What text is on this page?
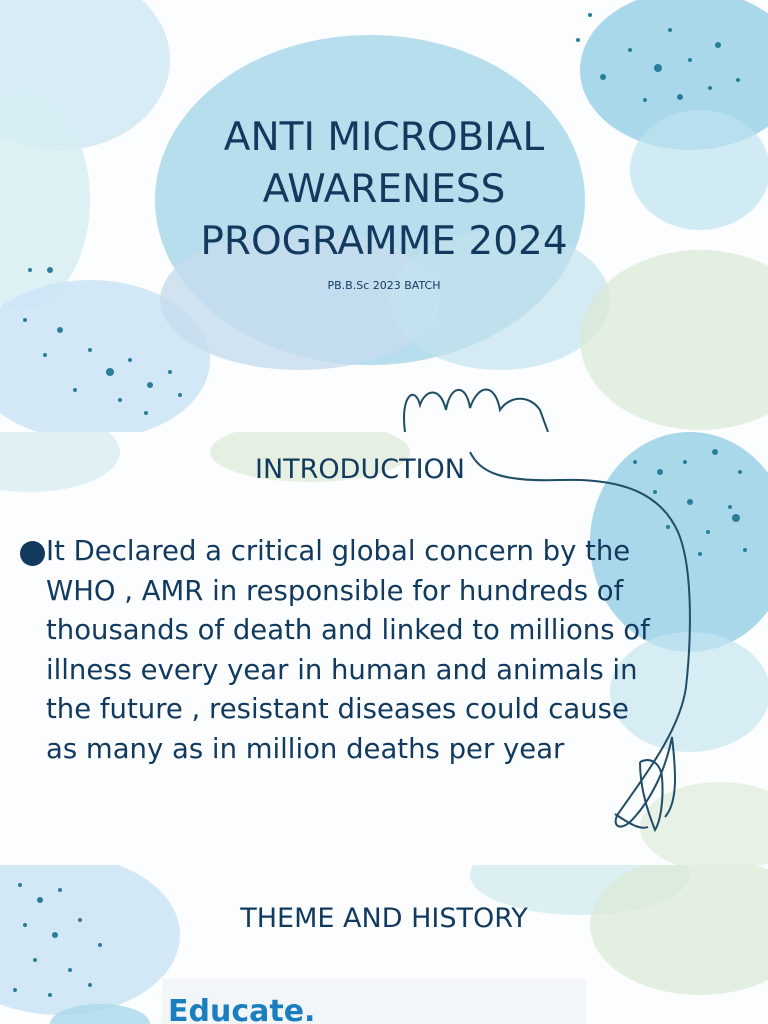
ANTI MICROBIAL
AWARENESS
PROGRAMME 2024
PB.B.Sc 2023 BATCH
INTRODUCTION
It Declared a critical global concern by the WHO , AMR in responsible for hundreds of thousands of death and linked to millions of illness every year in human and animals in the future , resistant diseases could cause as many as in million deaths per year
THEME AND HISTORY
Educate.
